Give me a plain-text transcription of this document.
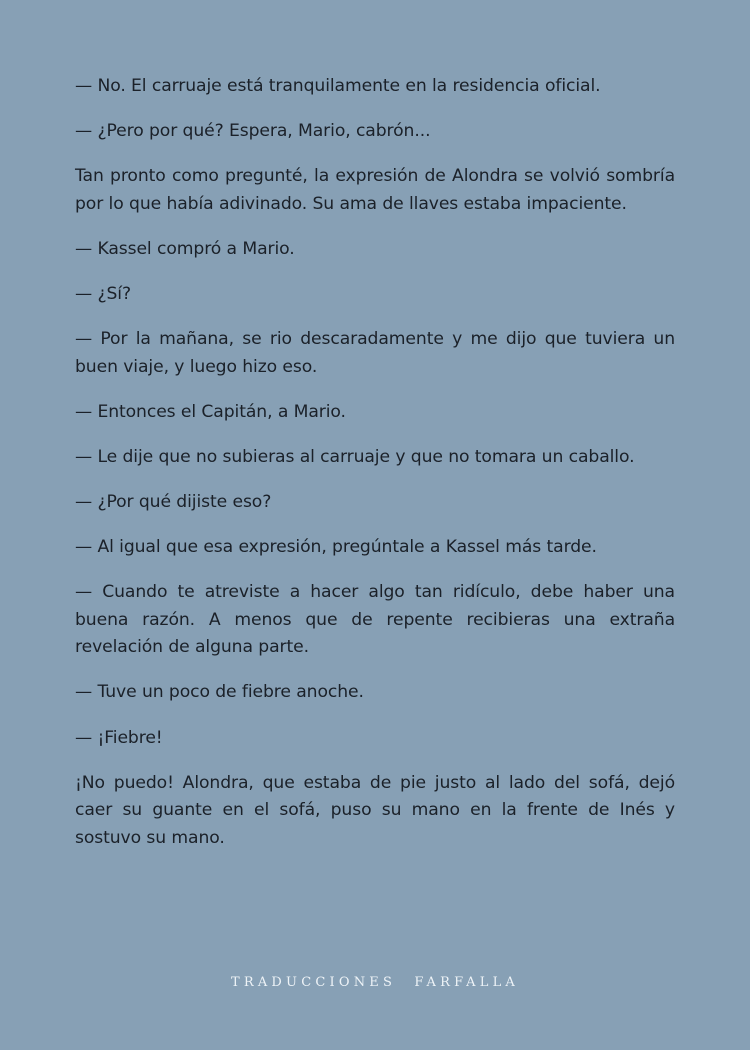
— No. El carruaje está tranquilamente en la residencia oficial.

— ¿Pero por qué? Espera, Mario, cabrón...

Tan pronto como pregunté, la expresión de Alondra se volvió sombría por lo que había adivinado. Su ama de llaves estaba impaciente.

— Kassel compró a Mario.

— ¿Sí?

— Por la mañana, se rio descaradamente y me dijo que tuviera un buen viaje, y luego hizo eso.

— Entonces el Capitán, a Mario.

— Le dije que no subieras al carruaje y que no tomara un caballo.

— ¿Por qué dijiste eso?

— Al igual que esa expresión, pregúntale a Kassel más tarde.

— Cuando te atreviste a hacer algo tan ridículo, debe haber una buena razón. A menos que de repente recibieras una extraña revelación de alguna parte.

— Tuve un poco de fiebre anoche.

— ¡Fiebre!

¡No puedo! Alondra, que estaba de pie justo al lado del sofá, dejó caer su guante en el sofá, puso su mano en la frente de Inés y sostuvo su mano.

TRADUCCIONES FARFALLA
